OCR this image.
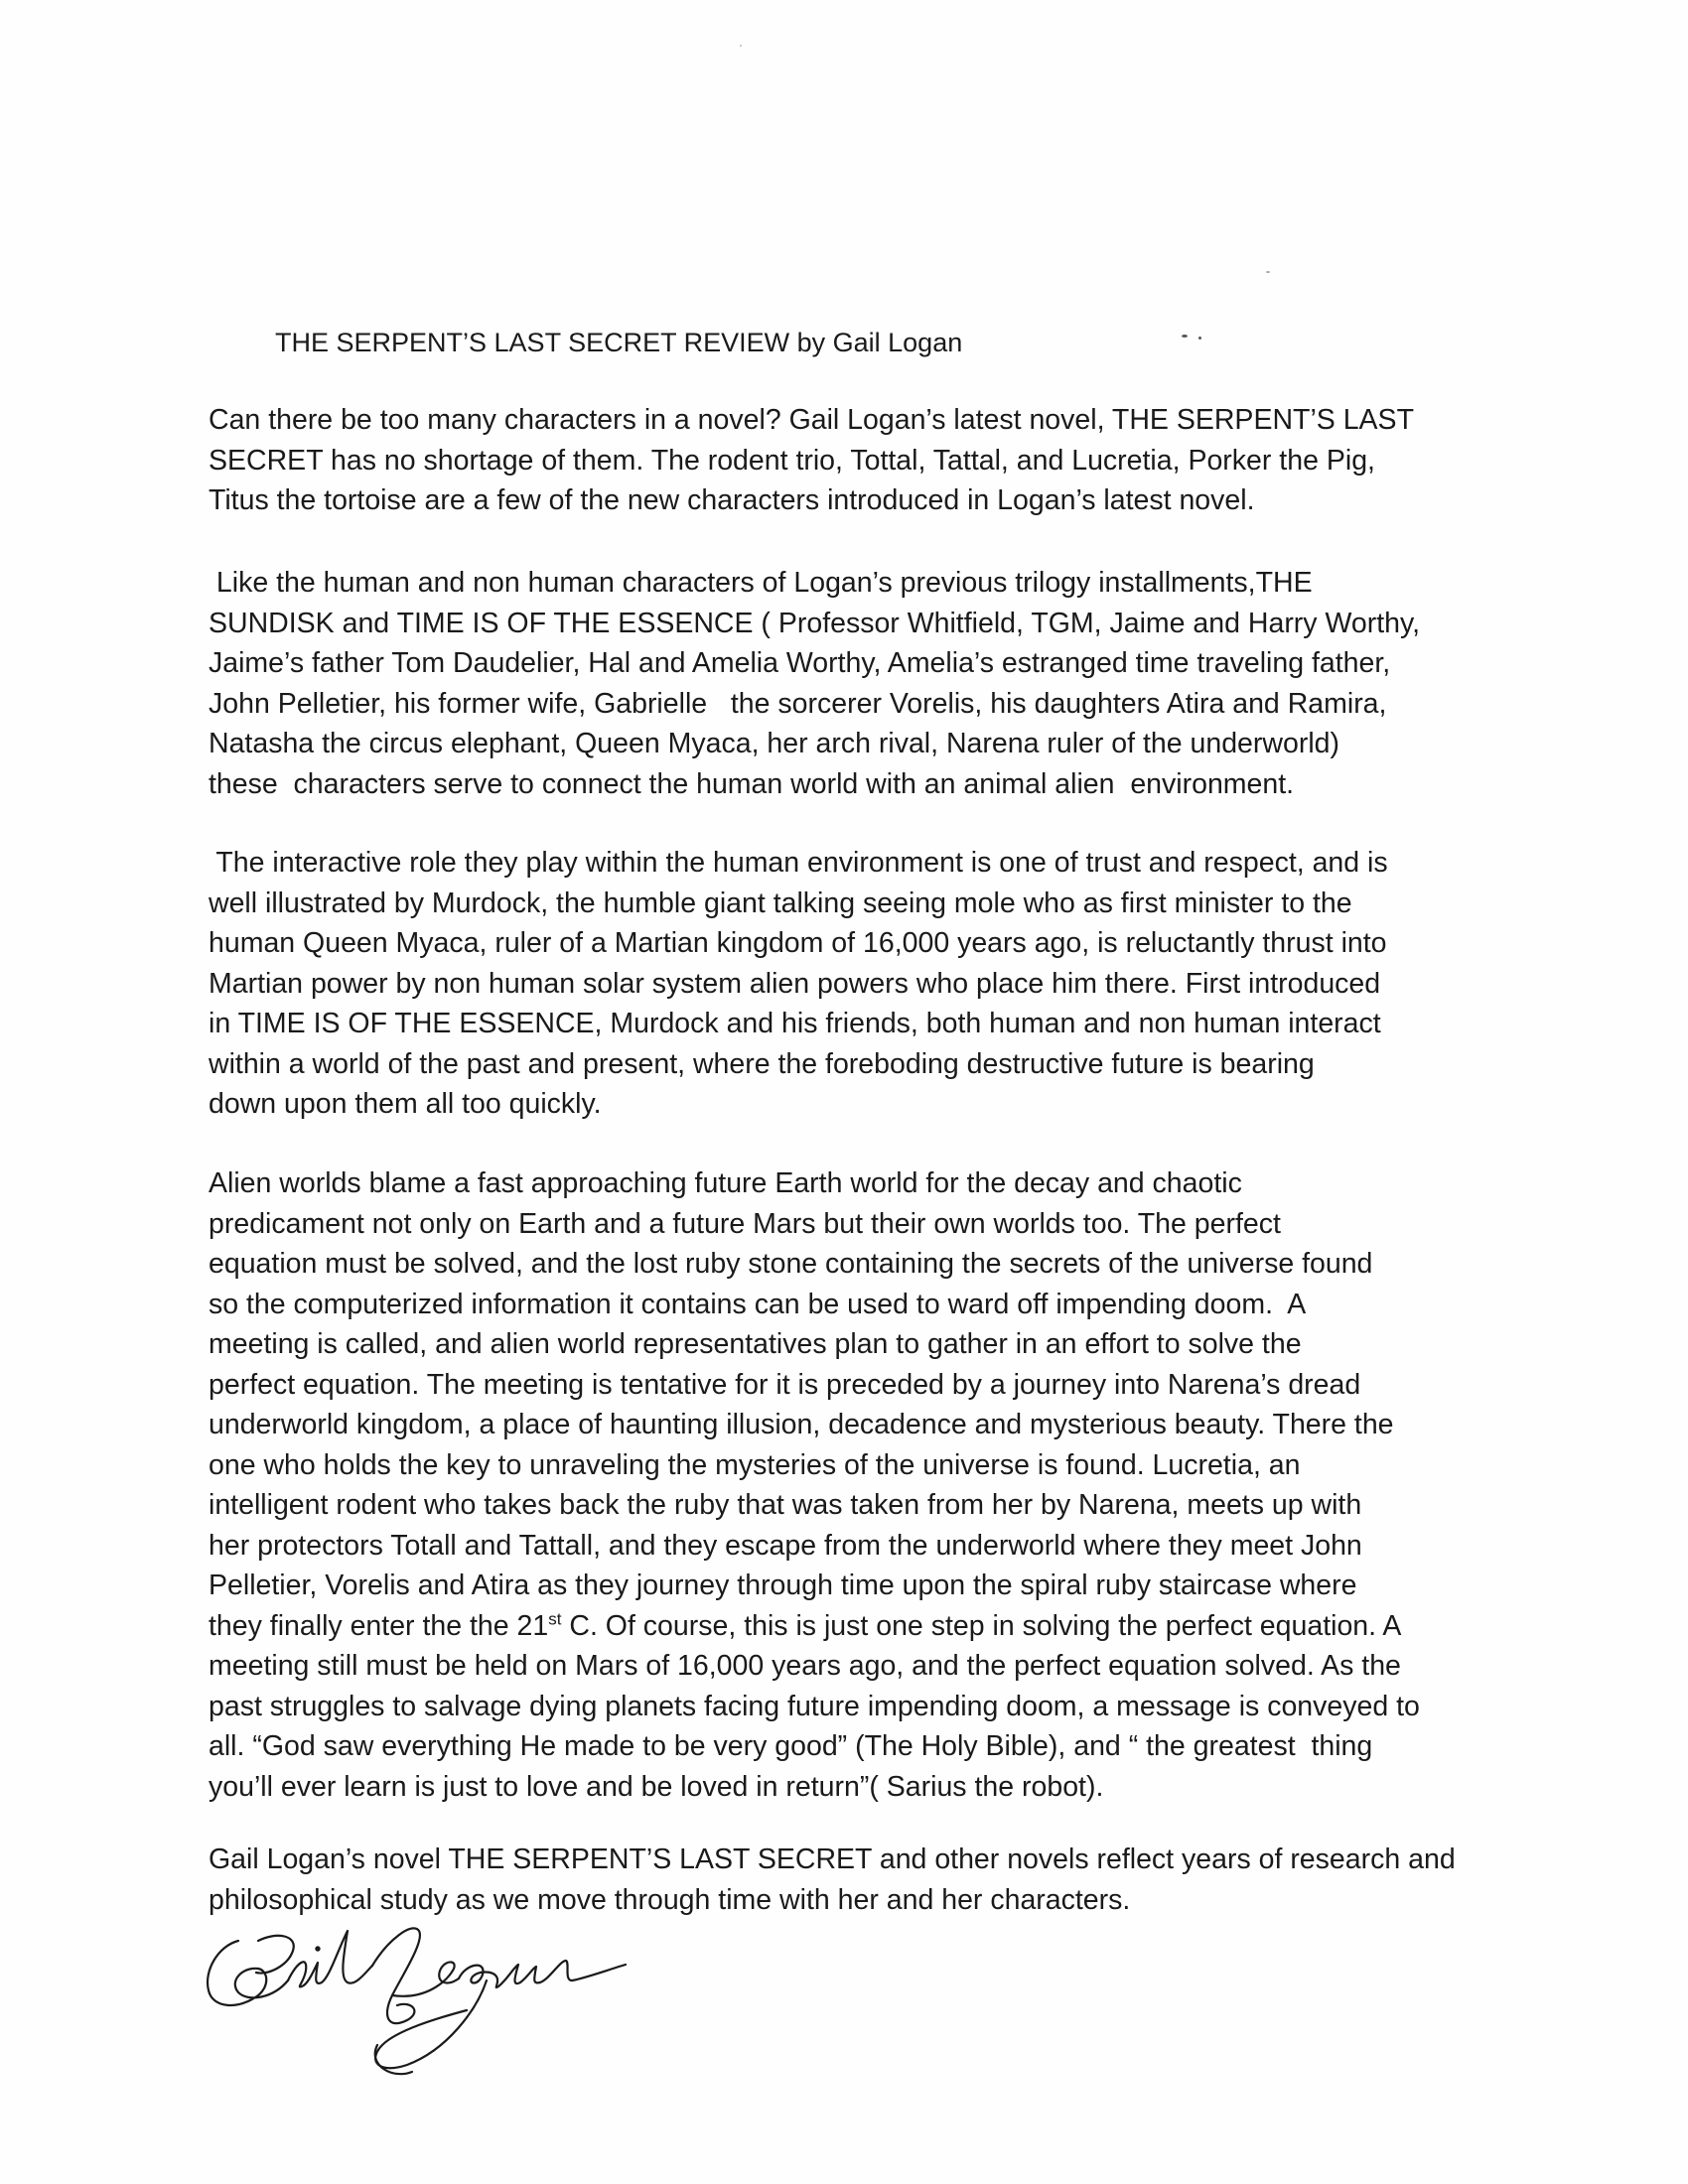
THE SERPENT’S LAST SECRET REVIEW by Gail Logan
Can there be too many characters in a novel? Gail Logan’s latest novel, THE SERPENT’S LAST
SECRET has no shortage of them. The rodent trio, Tottal, Tattal, and Lucretia, Porker the Pig,
Titus the tortoise are a few of the new characters introduced in Logan’s latest novel.
Like the human and non human characters of Logan’s previous trilogy installments,THE
SUNDISK and TIME IS OF THE ESSENCE ( Professor Whitfield, TGM, Jaime and Harry Worthy,
Jaime’s father Tom Daudelier, Hal and Amelia Worthy, Amelia’s estranged time traveling father,
John Pelletier, his former wife, Gabrielle   the sorcerer Vorelis, his daughters Atira and Ramira,
Natasha the circus elephant, Queen Myaca, her arch rival, Narena ruler of the underworld)
these  characters serve to connect the human world with an animal alien  environment.
The interactive role they play within the human environment is one of trust and respect, and is
well illustrated by Murdock, the humble giant talking seeing mole who as first minister to the
human Queen Myaca, ruler of a Martian kingdom of 16,000 years ago, is reluctantly thrust into
Martian power by non human solar system alien powers who place him there. First introduced
in TIME IS OF THE ESSENCE, Murdock and his friends, both human and non human interact
within a world of the past and present, where the foreboding destructive future is bearing
down upon them all too quickly.
Alien worlds blame a fast approaching future Earth world for the decay and chaotic
predicament not only on Earth and a future Mars but their own worlds too. The perfect
equation must be solved, and the lost ruby stone containing the secrets of the universe found
so the computerized information it contains can be used to ward off impending doom.  A
meeting is called, and alien world representatives plan to gather in an effort to solve the
perfect equation. The meeting is tentative for it is preceded by a journey into Narena’s dread
underworld kingdom, a place of haunting illusion, decadence and mysterious beauty. There the
one who holds the key to unraveling the mysteries of the universe is found. Lucretia, an
intelligent rodent who takes back the ruby that was taken from her by Narena, meets up with
her protectors Totall and Tattall, and they escape from the underworld where they meet John
Pelletier, Vorelis and Atira as they journey through time upon the spiral ruby staircase where
they finally enter the the 21st C. Of course, this is just one step in solving the perfect equation. A
meeting still must be held on Mars of 16,000 years ago, and the perfect equation solved. As the
past struggles to salvage dying planets facing future impending doom, a message is conveyed to
all. “God saw everything He made to be very good” (The Holy Bible), and “ the greatest  thing
you’ll ever learn is just to love and be loved in return”( Sarius the robot).
Gail Logan’s novel THE SERPENT’S LAST SECRET and other novels reflect years of research and
philosophical study as we move through time with her and her characters.
